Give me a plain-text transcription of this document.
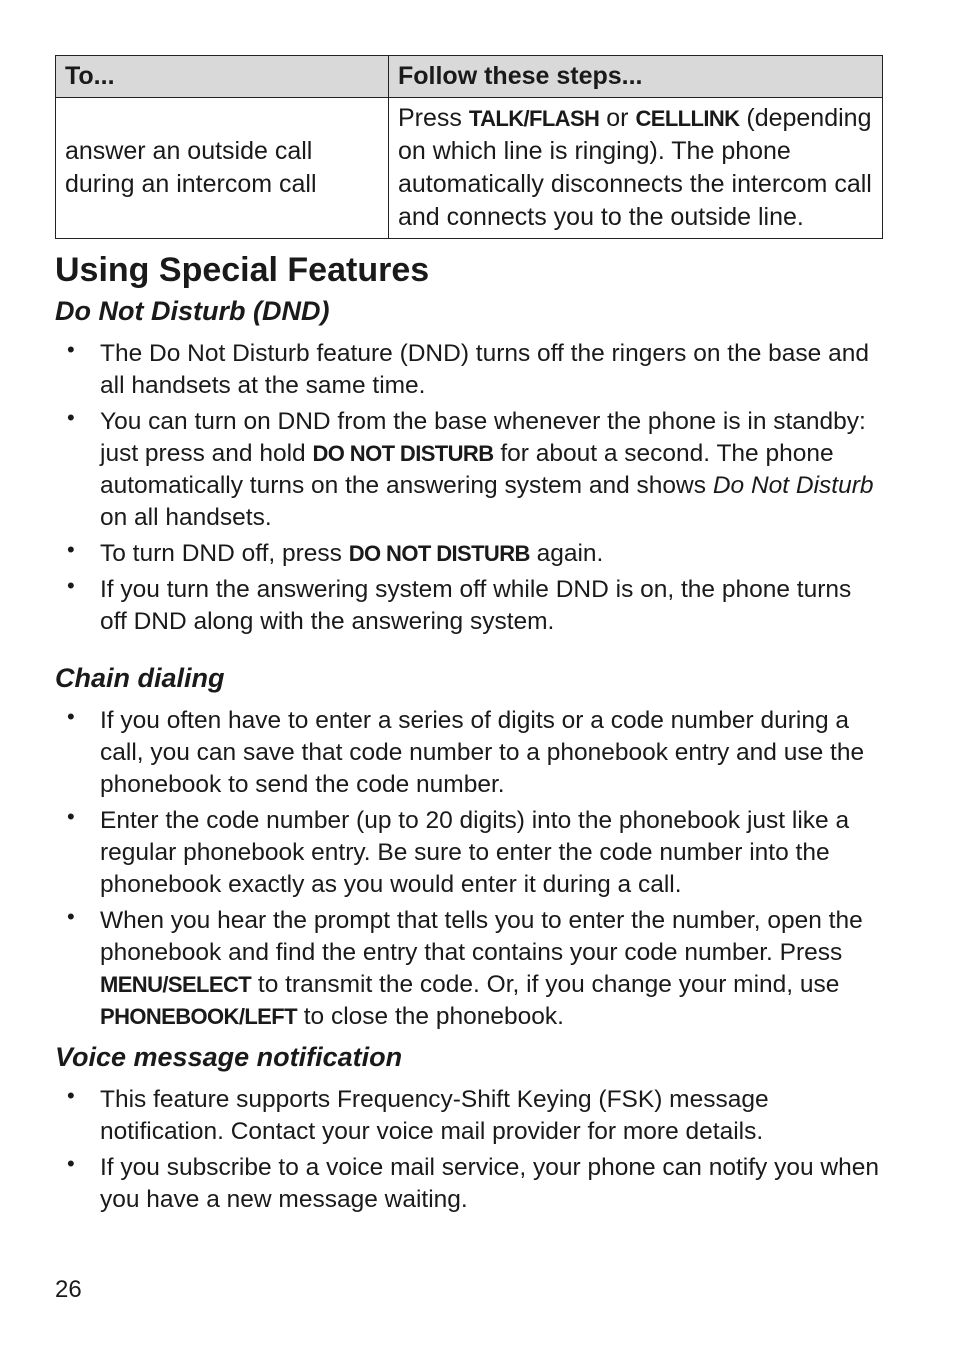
To...	Follow these steps...
answer an outside call during an intercom call	Press TALK/FLASH or CELLLINK (depending on which line is ringing). The phone automatically disconnects the intercom call and connects you to the outside line.
Using Special Features
Do Not Disturb (DND)
• The Do Not Disturb feature (DND) turns off the ringers on the base and all handsets at the same time.
• You can turn on DND from the base whenever the phone is in standby: just press and hold DO NOT DISTURB for about a second. The phone automatically turns on the answering system and shows Do Not Disturb on all handsets.
• To turn DND off, press DO NOT DISTURB again.
• If you turn the answering system off while DND is on, the phone turns off DND along with the answering system.
Chain dialing
• If you often have to enter a series of digits or a code number during a call, you can save that code number to a phonebook entry and use the phonebook to send the code number.
• Enter the code number (up to 20 digits) into the phonebook just like a regular phonebook entry. Be sure to enter the code number into the phonebook exactly as you would enter it during a call.
• When you hear the prompt that tells you to enter the number, open the phonebook and find the entry that contains your code number. Press MENU/SELECT to transmit the code. Or, if you change your mind, use PHONEBOOK/LEFT to close the phonebook.
Voice message notification
• This feature supports Frequency-Shift Keying (FSK) message notification. Contact your voice mail provider for more details.
• If you subscribe to a voice mail service, your phone can notify you when you have a new message waiting.
26
